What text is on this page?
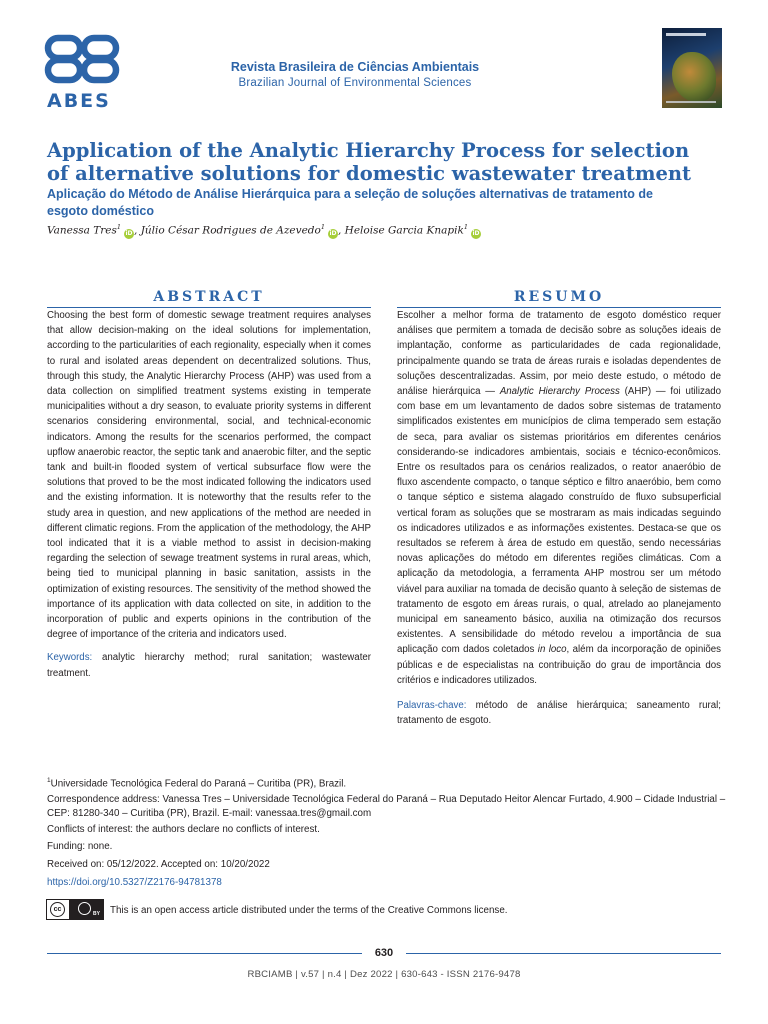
ABES
Revista Brasileira de Ciências Ambientais
Brazilian Journal of Environmental Sciences
Application of the Analytic Hierarchy Process for selection of alternative solutions for domestic wastewater treatment
Aplicação do Método de Análise Hierárquica para a seleção de soluções alternativas de tratamento de esgoto doméstico
Vanessa Tres$^1$iD, Júlio César Rodrigues de Azevedo$^1$iD, Heloise Garcia Knapik$^1$iD
ABSTRACT
Choosing the best form of domestic sewage treatment requires analyses that allow decision-making on the ideal solutions for implementation, according to the particularities of each regionality, especially when it comes to rural and isolated areas dependent on decentralized solutions. Thus, through this study, the Analytic Hierarchy Process (AHP) was used from a data collection on simplified treatment systems existing in temperate municipalities without a dry season, to evaluate priority systems in different scenarios considering environmental, social, and technical-economic indicators. Among the results for the scenarios performed, the compact upflow anaerobic reactor, the septic tank and anaerobic filter, and the septic tank and built-in flooded system of vertical subsurface flow were the solutions that proved to be the most indicated following the indicators used and the existing information. It is noteworthy that the results refer to the study area in question, and new applications of the method are needed in different climatic regions. From the application of the methodology, the AHP tool indicated that it is a viable method to assist in decision-making regarding the selection of sewage treatment systems in rural areas, which, being tied to municipal planning in basic sanitation, assists in the optimization of existing resources. The sensitivity of the method showed the importance of its application with data collected on site, in addition to the incorporation of public and experts opinions in the contribution of the degree of importance of the criteria and indicators used.
Keywords: analytic hierarchy method; rural sanitation; wastewater treatment.
RESUMO
Escolher a melhor forma de tratamento de esgoto doméstico requer análises que permitem a tomada de decisão sobre as soluções ideais de implantação, conforme as particularidades de cada regionalidade, principalmente quando se trata de áreas rurais e isoladas dependentes de soluções descentralizadas. Assim, por meio deste estudo, o método de análise hierárquica — Analytic Hierarchy Process (AHP) — foi utilizado com base em um levantamento de dados sobre sistemas de tratamento simplificados existentes em municípios de clima temperado sem estação de seca, para avaliar os sistemas prioritários em diferentes cenários considerando-se indicadores ambientais, sociais e técnico-econômicos. Entre os resultados para os cenários realizados, o reator anaeróbio de fluxo ascendente compacto, o tanque séptico e filtro anaeróbio, bem como o tanque séptico e sistema alagado construído de fluxo subsuperficial vertical foram as soluções que se mostraram as mais indicadas seguindo os indicadores utilizados e as informações existentes. Destaca-se que os resultados se referem à área de estudo em questão, sendo necessárias novas aplicações do método em diferentes regiões climáticas. Com a aplicação da metodologia, a ferramenta AHP mostrou ser um método viável para auxiliar na tomada de decisão quanto à seleção de sistemas de tratamento de esgoto em áreas rurais, o qual, atrelado ao planejamento municipal em saneamento básico, auxilia na otimização dos recursos existentes. A sensibilidade do método revelou a importância de sua aplicação com dados coletados in loco, além da incorporação de opiniões públicas e de especialistas na contribuição do grau de importância dos critérios e indicadores utilizados.
Palavras-chave: método de análise hierárquica; saneamento rural; tratamento de esgoto.
$^1$Universidade Tecnológica Federal do Paraná – Curitiba (PR), Brazil.
Correspondence address: Vanessa Tres – Universidade Tecnológica Federal do Paraná – Rua Deputado Heitor Alencar Furtado, 4.900 – Cidade Industrial – CEP: 81280-340 – Curitiba (PR), Brazil. E-mail: vanessaa.tres@gmail.com
Conflicts of interest: the authors declare no conflicts of interest.
Funding: none.
Received on: 05/12/2022. Accepted on: 10/20/2022
https://doi.org/10.5327/Z2176-94781378
cc
BY This is an open access article distributed under the terms of the Creative Commons license.
630
RBCIAMB | v.57 | n.4 | Dez 2022 | 630-643 - ISSN 2176-9478
